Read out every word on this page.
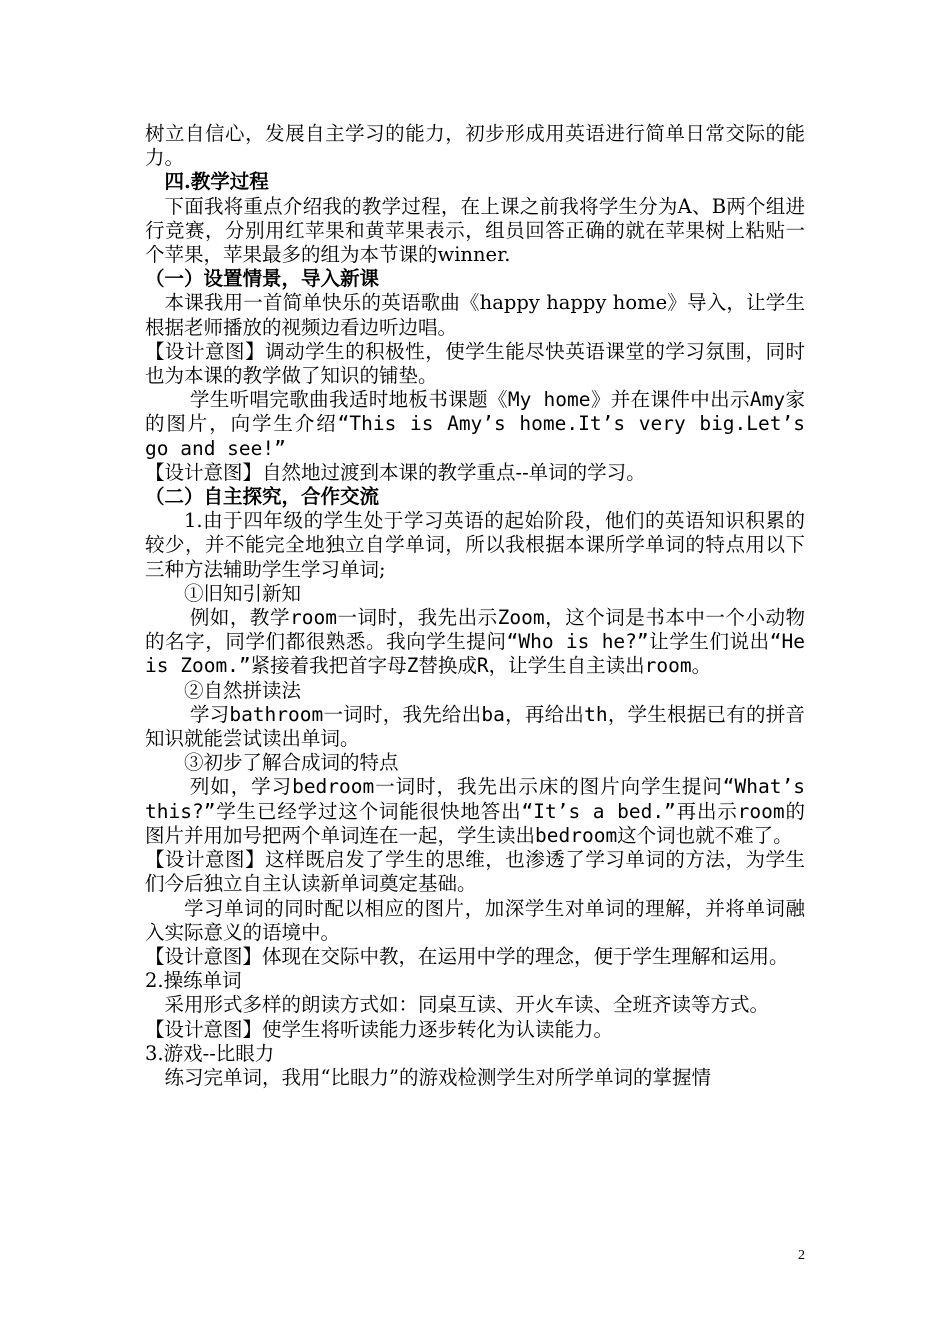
树立自信心，发展自主学习的能力，初步形成用英语进行简单日常交际的能力。

四.教学过程

下面我将重点介绍我的教学过程，在上课之前我将学生分为A、B两个组进行竞赛，分别用红苹果和黄苹果表示，组员回答正确的就在苹果树上粘贴一个苹果，苹果最多的组为本节课的winner.

（一）设置情景，导入新课

本课我用一首简单快乐的英语歌曲《happy happy home》导入，让学生根据老师播放的视频边看边听边唱。

【设计意图】调动学生的积极性，使学生能尽快英语课堂的学习氛围，同时也为本课的教学做了知识的铺垫。

学生听唱完歌曲我适时地板书课题《My home》并在课件中出示Amy家的图片，向学生介绍“This is Amy’s home.It’s very big.Let’s go and see!”

【设计意图】自然地过渡到本课的教学重点--单词的学习。

（二）自主探究，合作交流

1.由于四年级的学生处于学习英语的起始阶段，他们的英语知识积累的较少，并不能完全地独立自学单词，所以我根据本课所学单词的特点用以下三种方法辅助学生学习单词;

①旧知引新知

例如，教学room一词时，我先出示Zoom，这个词是书本中一个小动物的名字，同学们都很熟悉。我向学生提问“Who is he?”让学生们说出“He is Zoom.”紧接着我把首字母Z替换成R，让学生自主读出room。

②自然拼读法

学习bathroom一词时，我先给出ba，再给出th，学生根据已有的拼音知识就能尝试读出单词。

③初步了解合成词的特点

列如，学习bedroom一词时，我先出示床的图片向学生提问“What’s this?”学生已经学过这个词能很快地答出“It’s a bed.”再出示room的图片并用加号把两个单词连在一起，学生读出bedroom这个词也就不难了。

【设计意图】这样既启发了学生的思维，也渗透了学习单词的方法，为学生们今后独立自主认读新单词奠定基础。

学习单词的同时配以相应的图片，加深学生对单词的理解，并将单词融入实际意义的语境中。

【设计意图】体现在交际中教，在运用中学的理念，便于学生理解和运用。

2.操练单词

采用形式多样的朗读方式如：同桌互读、开火车读、全班齐读等方式。

【设计意图】使学生将听读能力逐步转化为认读能力。

3.游戏--比眼力

练习完单词，我用“比眼力”的游戏检测学生对所学单词的掌握情

2
